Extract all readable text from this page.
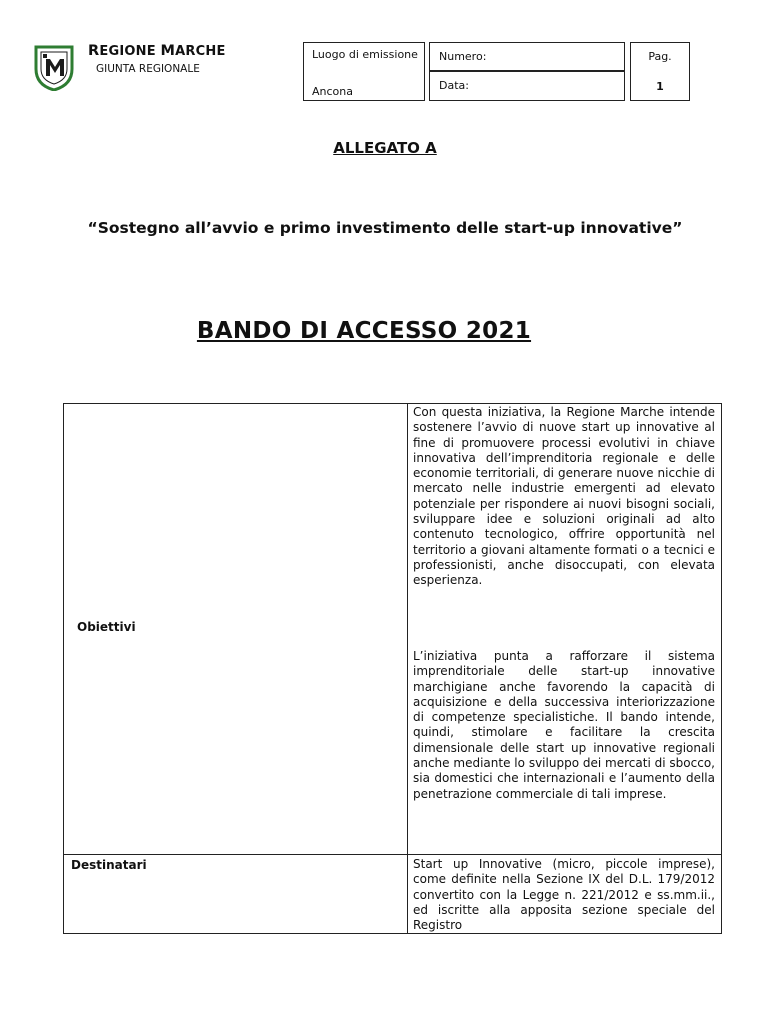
REGIONE MARCHE
GIUNTA REGIONALE
Luogo di emissione
Ancona
Numero:
Data:
Pag.
1
ALLEGATO A
“Sostegno all’avvio e primo investimento delle start-up innovative”
BANDO DI ACCESSO 2021
Obiettivi
Con questa iniziativa, la Regione Marche intende sostenere l’avvio di nuove start up innovative al fine di promuovere processi evolutivi in chiave innovativa dell’imprenditoria regionale e delle economie territoriali, di generare nuove nicchie di mercato nelle industrie emergenti ad elevato potenziale per rispondere ai nuovi bisogni sociali, sviluppare idee e soluzioni originali ad alto contenuto tecnologico, offrire opportunità nel territorio a giovani altamente formati o a tecnici e professionisti, anche disoccupati, con elevata esperienza.
L’iniziativa punta a rafforzare il sistema imprenditoriale delle start-up innovative marchigiane anche favorendo la capacità di acquisizione e della successiva interiorizzazione di competenze specialistiche. Il bando intende, quindi, stimolare e facilitare la crescita dimensionale delle start up innovative regionali anche mediante lo sviluppo dei mercati di sbocco, sia domestici che internazionali e l’aumento della penetrazione commerciale di tali imprese.
Destinatari	Start up Innovative (micro, piccole imprese), come definite nella Sezione IX del D.L. 179/2012 convertito con la Legge n. 221/2012 e ss.mm.ii., ed iscritte alla apposita sezione speciale del Registro
